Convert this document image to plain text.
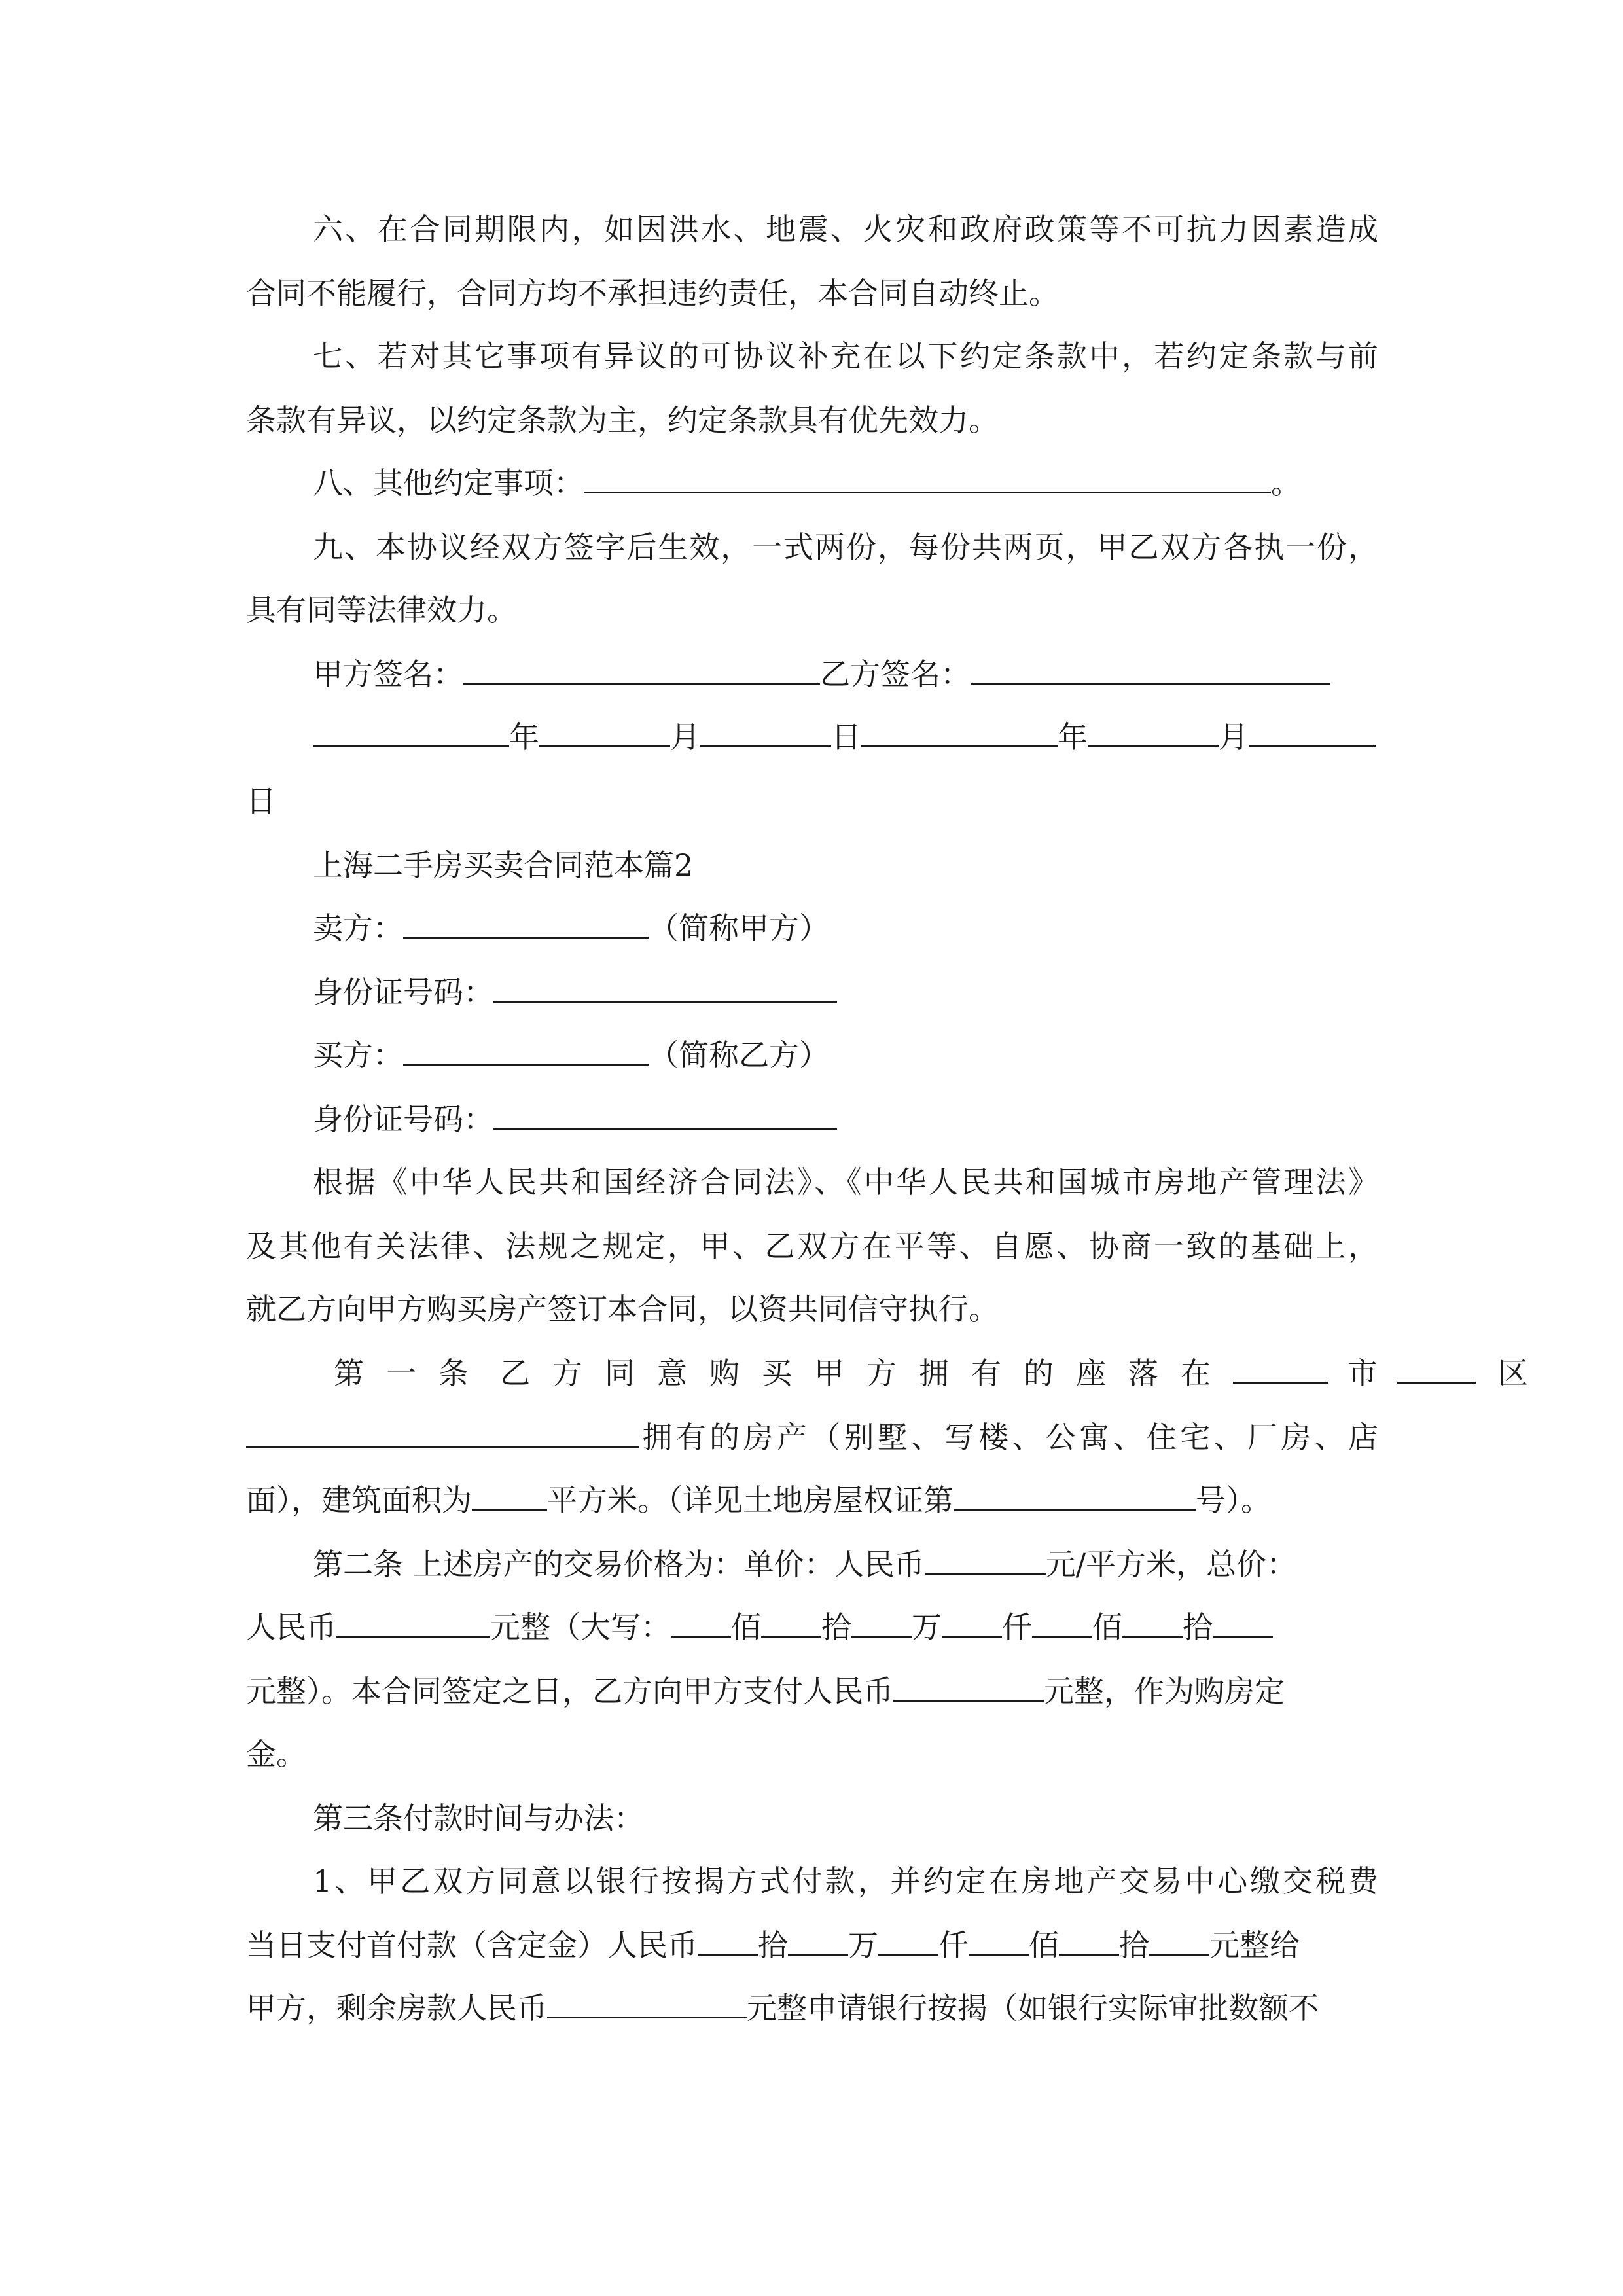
六、在合同期限内，如因洪水、地震、火灾和政府政策等不可抗力因素造成
合同不能履行，合同方均不承担违约责任，本合同自动终止。
七、若对其它事项有异议的可协议补充在以下约定条款中，若约定条款与前
条款有异议，以约定条款为主，约定条款具有优先效力。
八、其他约定事项：	。
九、本协议经双方签字后生效，一式两份，每份共两页，甲乙双方各执一份，
具有同等法律效力。
甲方签名：	乙方签名：
年	月	日	年	月
日
上海二手房买卖合同范本篇2
卖方：	（简称甲方）
身份证号码：
买方：	（简称乙方）
身份证号码：
根据《中华人民共和国经济合同法》、《中华人民共和国城市房地产管理法》
及其他有关法律、法规之规定，甲、乙双方在平等、自愿、协商一致的基础上，
就乙方向甲方购买房产签订本合同，以资共同信守执行。
第一条 乙方同意购买甲方拥有的座落在	市	区
拥有的房产（别墅、写楼、公寓、住宅、厂房、店
面），建筑面积为	平方米。（详见土地房屋权证第	号）。
第二条 上述房产的交易价格为：单价：人民币	元/平方米，总价：
人民币	元整（大写： 佰 拾 万 仟 佰 拾
元整）。本合同签定之日，乙方向甲方支付人民币	元整，作为购房定
金。
第三条付款时间与办法：
1、甲乙双方同意以银行按揭方式付款，并约定在房地产交易中心缴交税费
当日支付首付款（含定金）人民币 拾 万 仟 佰 拾 元整给
甲方，剩余房款人民币	元整申请银行按揭（如银行实际审批数额不
